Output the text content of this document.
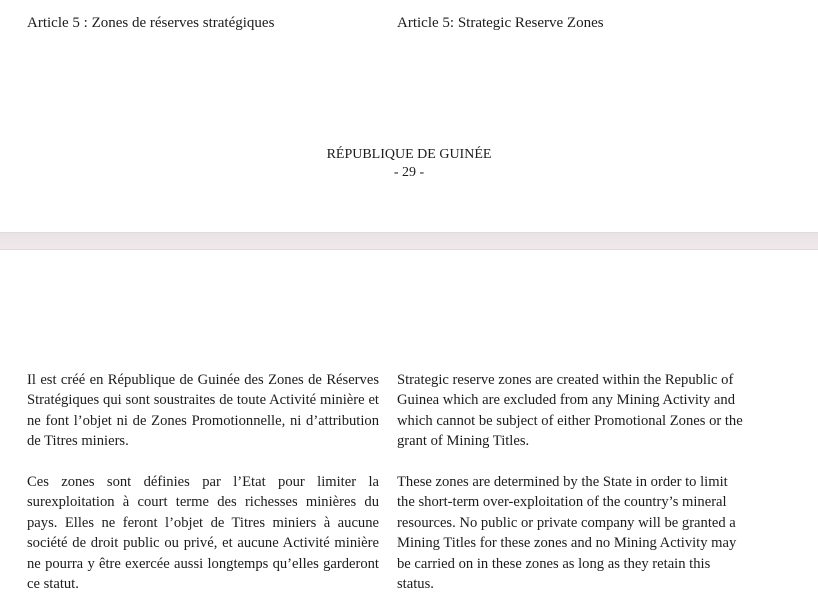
Article 5 : Zones de réserves stratégiques	Article 5: Strategic Reserve Zones
RÉPUBLIQUE DE GUINÉE
- 29 -

Il est créé en République de Guinée des Zones de Réserves Stratégiques qui sont soustraites de toute Activité minière et ne font l’objet ni de Zones Promotionnelle, ni d’attribution de Titres miniers.

Strategic reserve zones are created within the Republic of Guinea which are excluded from any Mining Activity and which cannot be subject of either Promotional Zones or the grant of Mining Titles.

Ces zones sont définies par l’Etat pour limiter la surexploitation à court terme des richesses minières du pays. Elles ne feront l’objet de Titres miniers à aucune société de droit public ou privé, et aucune Activité minière ne pourra y être exercée aussi longtemps qu’elles garderont ce statut.

These zones are determined by the State in order to limit the short-term over-exploitation of the country’s mineral resources. No public or private company will be granted a Mining Titles for these zones and no Mining Activity may be carried on in these zones as long as they retain this status.
